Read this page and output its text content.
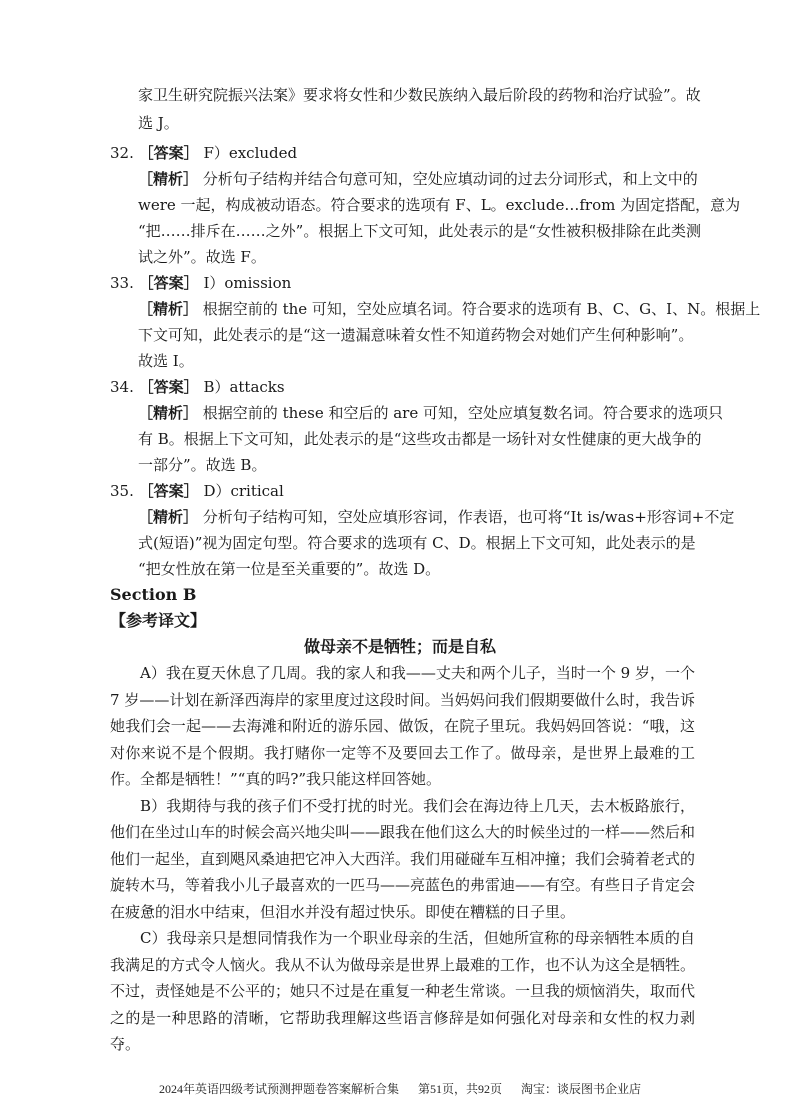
家卫生研究院振兴法案》要求将女性和少数民族纳入最后阶段的药物和治疗试验”。故
选 J。
32. ［答案］ F）excluded
［精析］ 分析句子结构并结合句意可知，空处应填动词的过去分词形式，和上文中的
were 一起，构成被动语态。符合要求的选项有 F、L。exclude…from 为固定搭配，意为
“把……排斥在……之外”。根据上下文可知，此处表示的是“女性被积极排除在此类测
试之外”。故选 F。
33. ［答案］ I）omission
［精析］ 根据空前的 the 可知，空处应填名词。符合要求的选项有 B、C、G、I、N。根据上
下文可知，此处表示的是“这一遗漏意味着女性不知道药物会对她们产生何种影响”。
故选 I。
34. ［答案］ B）attacks
［精析］ 根据空前的 these 和空后的 are 可知，空处应填复数名词。符合要求的选项只
有 B。根据上下文可知，此处表示的是“这些攻击都是一场针对女性健康的更大战争的
一部分”。故选 B。
35. ［答案］ D）critical
［精析］ 分析句子结构可知，空处应填形容词，作表语，也可将“It is/was+形容词+不定
式(短语)”视为固定句型。符合要求的选项有 C、D。根据上下文可知，此处表示的是
“把女性放在第一位是至关重要的”。故选 D。
Section B
【参考译文】
做母亲不是牺牲；而是自私

A）我在夏天休息了几周。我的家人和我——丈夫和两个儿子，当时一个 9 岁，一个 7 岁——计划在新泽西海岸的家里度过这段时间。当妈妈问我们假期要做什么时，我告诉她我们会一起——去海滩和附近的游乐园、做饭，在院子里玩。我妈妈回答说：“哦，这对你来说不是个假期。我打赌你一定等不及要回去工作了。做母亲，是世界上最难的工作。全都是牺牲！”“真的吗?”我只能这样回答她。

B）我期待与我的孩子们不受打扰的时光。我们会在海边待上几天，去木板路旅行，他们在坐过山车的时候会高兴地尖叫——跟我在他们这么大的时候坐过的一样——然后和他们一起坐，直到飓风桑迪把它冲入大西洋。我们用碰碰车互相冲撞；我们会骑着老式的旋转木马，等着我小儿子最喜欢的一匹马——亮蓝色的弗雷迪——有空。有些日子肯定会在疲惫的泪水中结束，但泪水并没有超过快乐。即使在糟糕的日子里。

C）我母亲只是想同情我作为一个职业母亲的生活，但她所宣称的母亲牺牲本质的自我满足的方式令人恼火。我从不认为做母亲是世界上最难的工作，也不认为这全是牺牲。不过，责怪她是不公平的；她只不过是在重复一种老生常谈。一旦我的烦恼消失，取而代之的是一种思路的清晰，它帮助我理解这些语言修辞是如何强化对母亲和女性的权力剥夺。

2024年英语四级考试预测押题卷答案解析合集 第51页，共92页 淘宝：谈辰图书企业店
